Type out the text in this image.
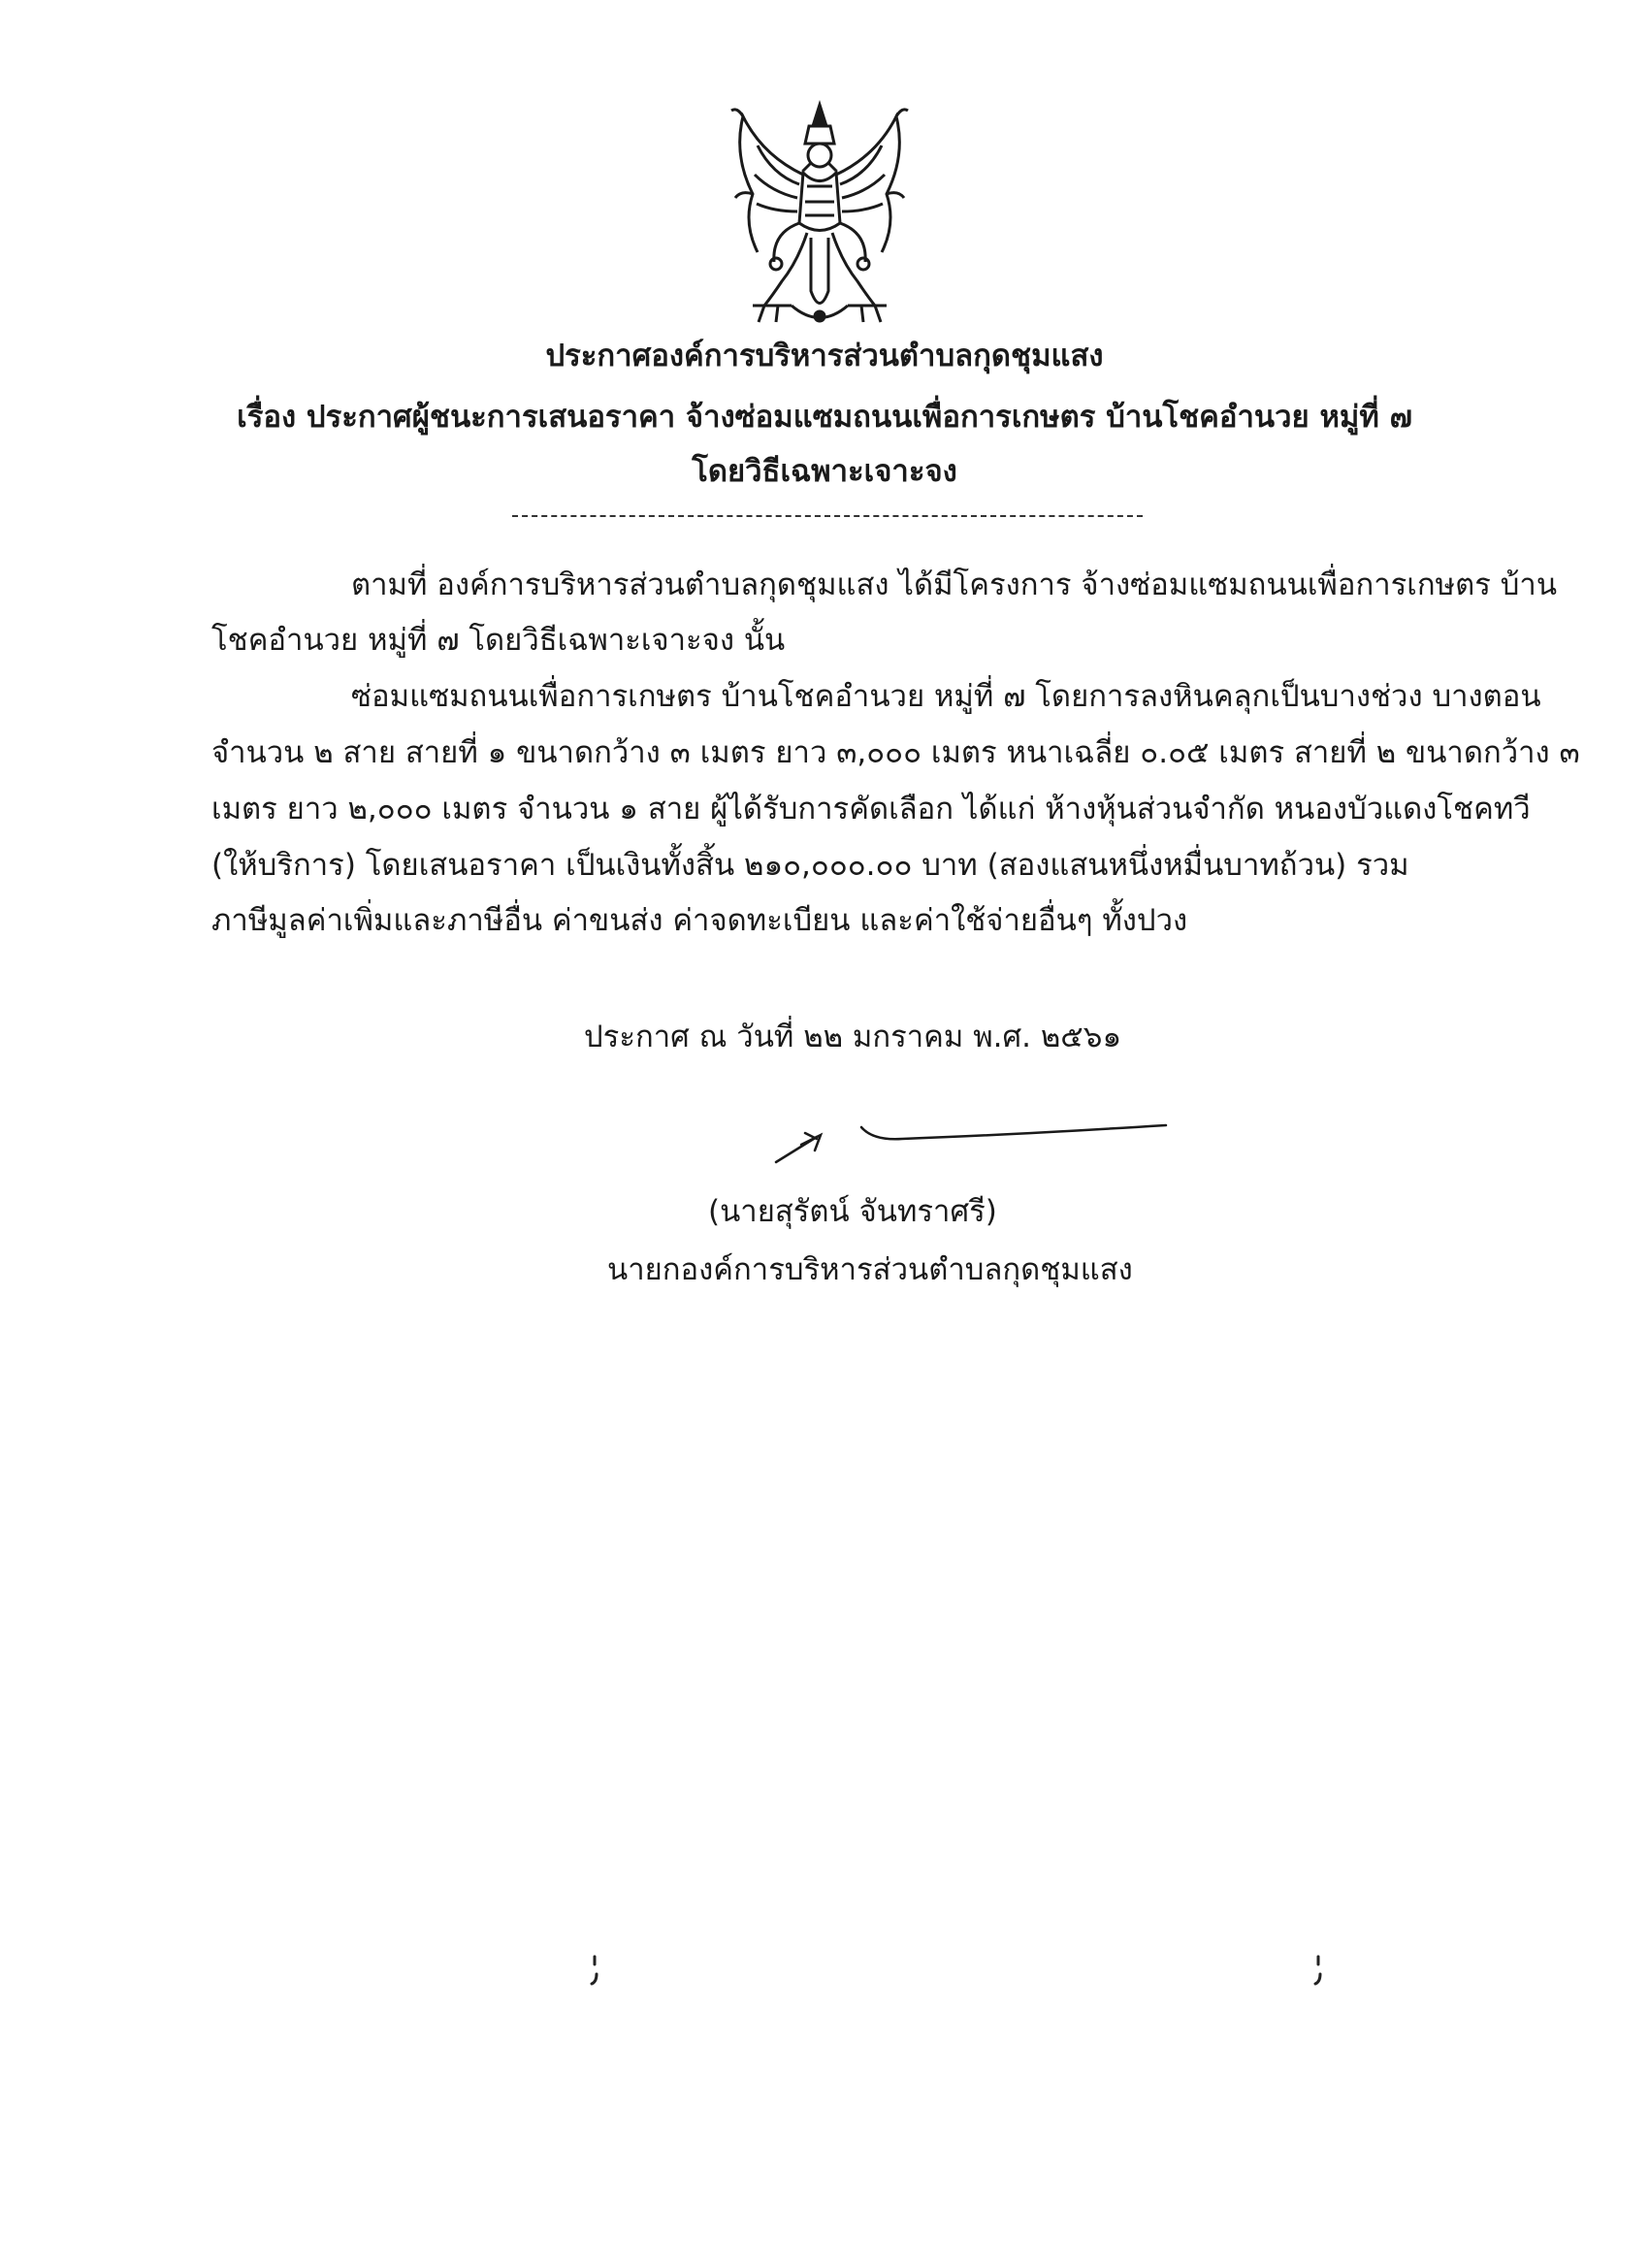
ประกาศองค์การบริหารส่วนตำบลกุดชุมแสง
เรื่อง ประกาศผู้ชนะการเสนอราคา จ้างซ่อมแซมถนนเพื่อการเกษตร บ้านโชคอำนวย หมู่ที่ ๗
โดยวิธีเฉพาะเจาะจง
ตามที่ องค์การบริหารส่วนตำบลกุดชุมแสง ได้มีโครงการ จ้างซ่อมแซมถนนเพื่อการเกษตร บ้าน
โชคอำนวย หมู่ที่ ๗ โดยวิธีเฉพาะเจาะจง นั้น
ซ่อมแซมถนนเพื่อการเกษตร บ้านโชคอำนวย หมู่ที่ ๗ โดยการลงหินคลุกเป็นบางช่วง บางตอน
จำนวน ๒ สาย สายที่ ๑ ขนาดกว้าง ๓ เมตร ยาว ๓,๐๐๐ เมตร หนาเฉลี่ย ๐.๐๕ เมตร สายที่ ๒ ขนาดกว้าง ๓
เมตร ยาว ๒,๐๐๐ เมตร จำนวน ๑ สาย ผู้ได้รับการคัดเลือก ได้แก่ ห้างหุ้นส่วนจำกัด หนองบัวแดงโชคทวี
(ให้บริการ) โดยเสนอราคา เป็นเงินทั้งสิ้น ๒๑๐,๐๐๐.๐๐ บาท (สองแสนหนึ่งหมื่นบาทถ้วน) รวม
ภาษีมูลค่าเพิ่มและภาษีอื่น ค่าขนส่ง ค่าจดทะเบียน และค่าใช้จ่ายอื่นๆ ทั้งปวง
ประกาศ ณ วันที่ ๒๒ มกราคม พ.ศ. ๒๕๖๑
(นายสุรัตน์ จันทราศรี)
นายกองค์การบริหารส่วนตำบลกุดชุมแสง
